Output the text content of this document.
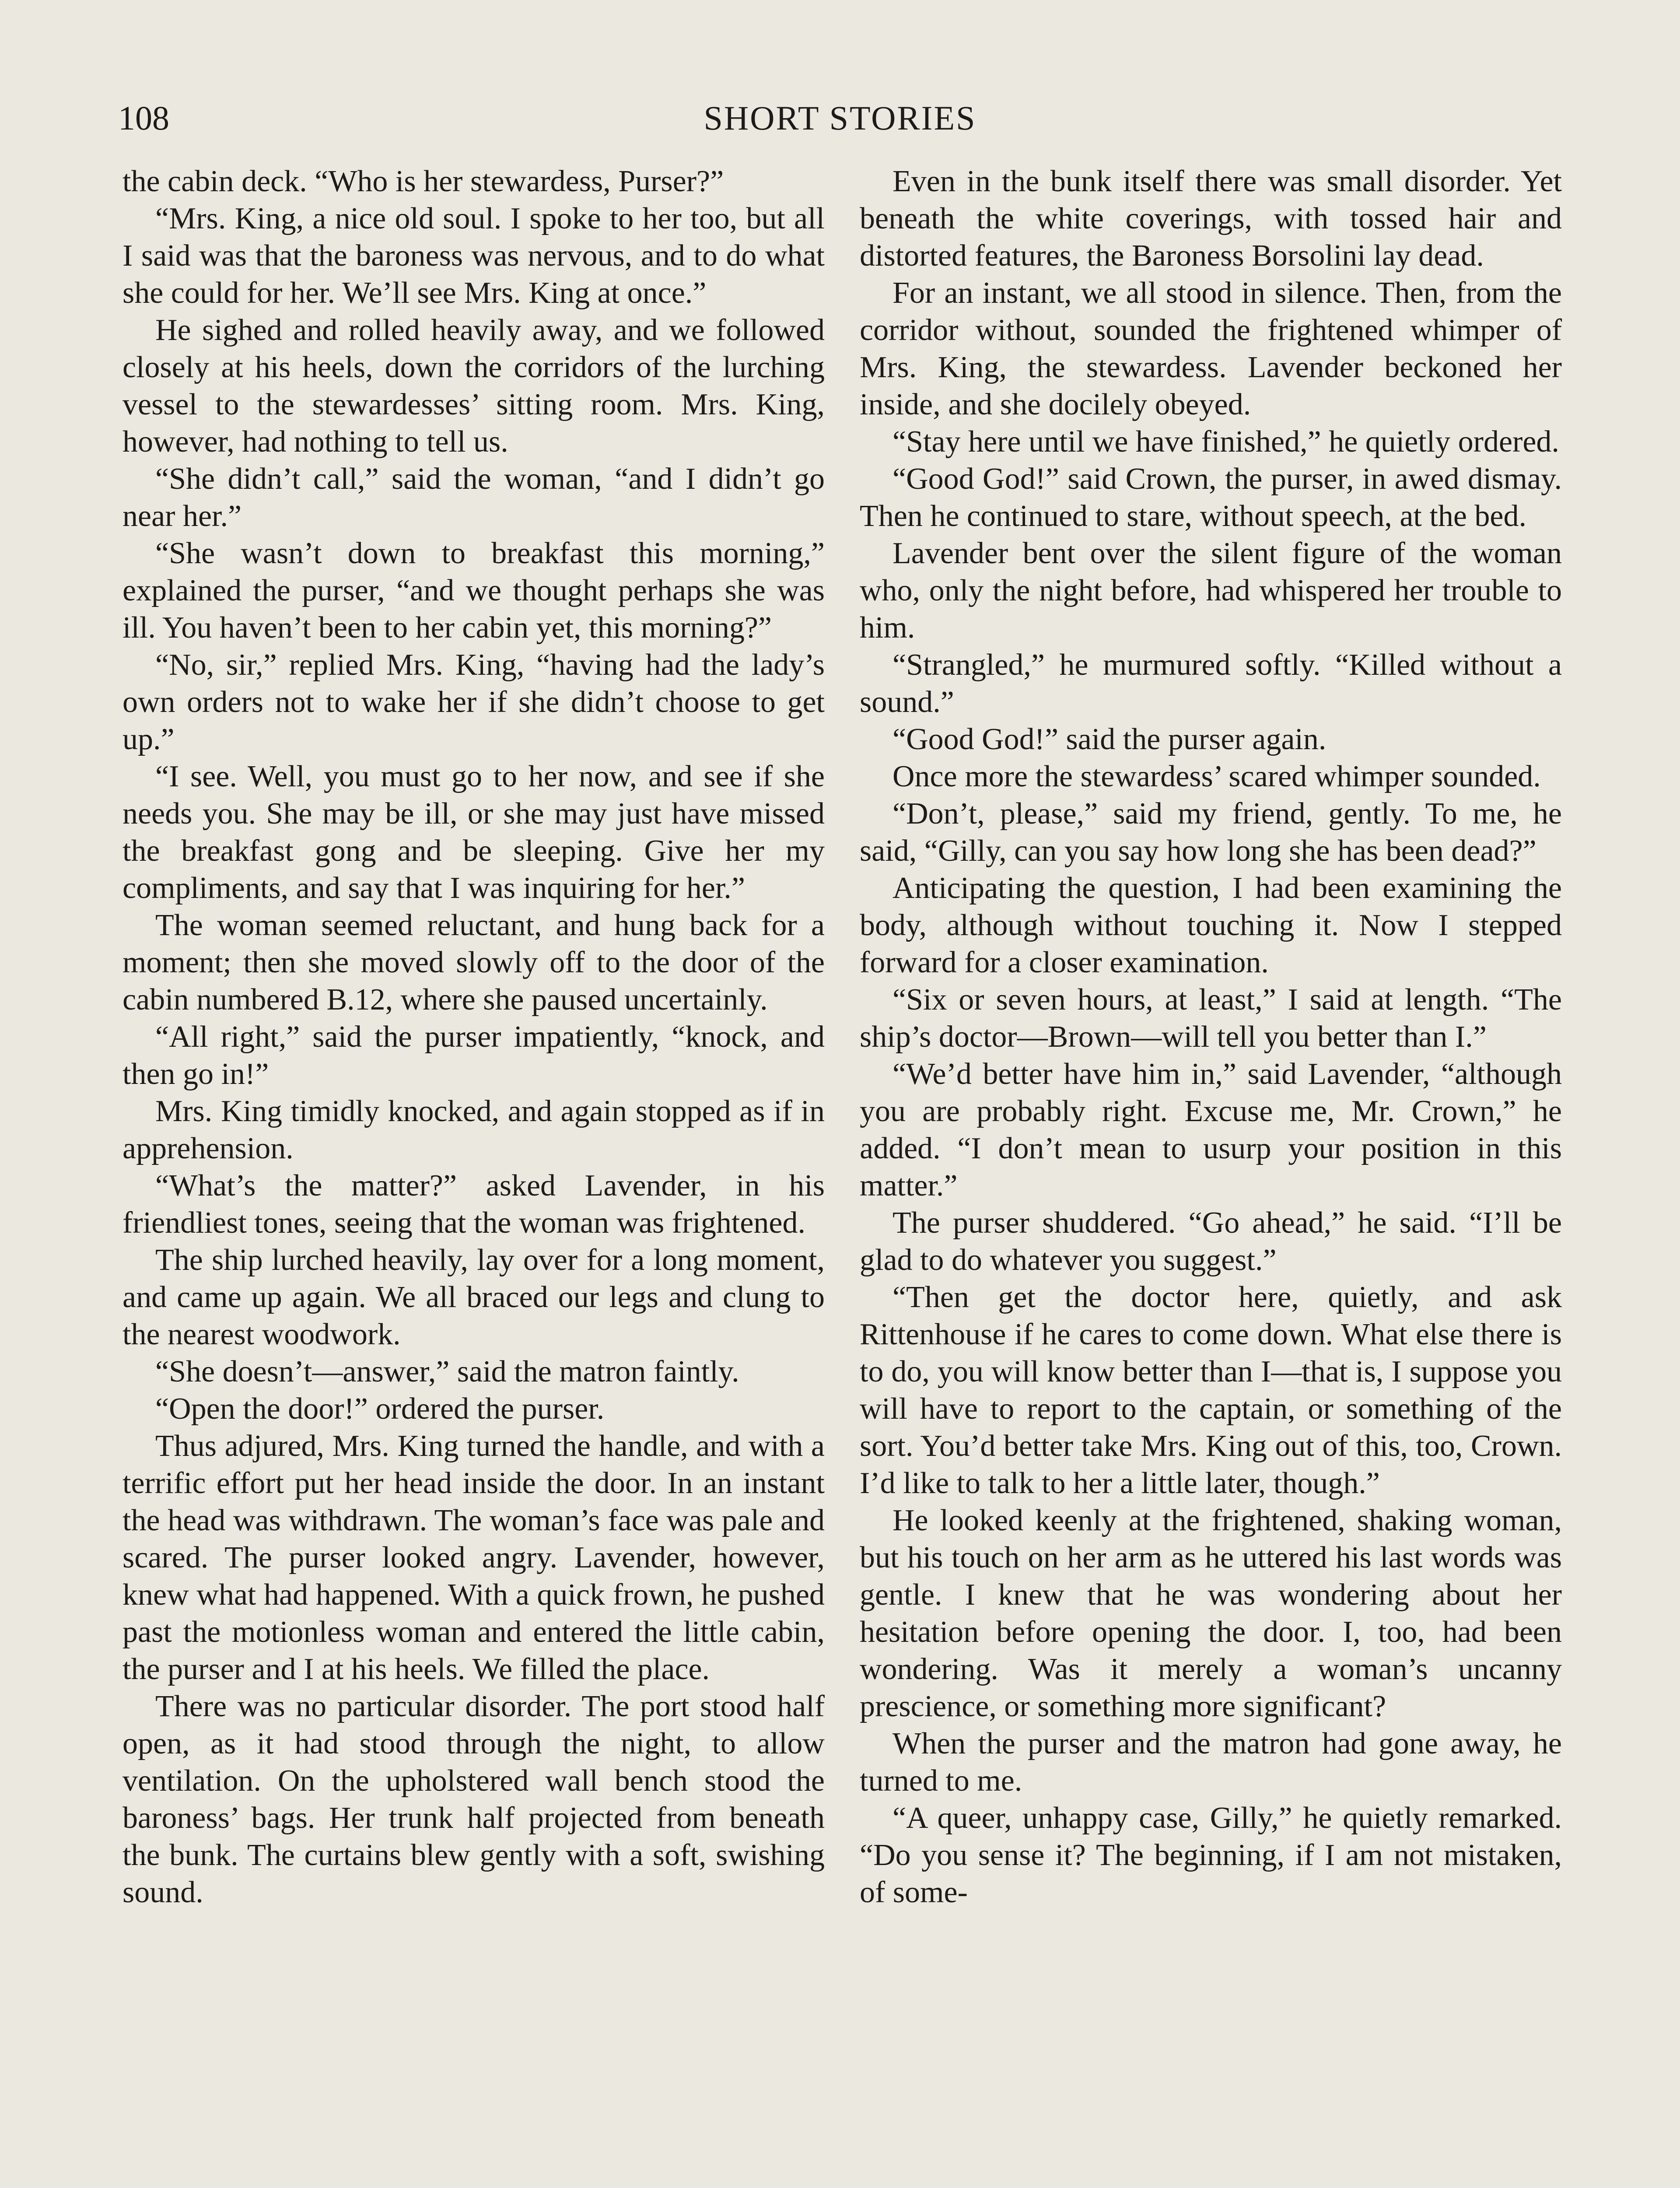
108	SHORT STORIES

the cabin deck. “Who is her stewardess, Purser?”

“Mrs. King, a nice old soul. I spoke to her too, but all I said was that the baroness was nervous, and to do what she could for her. We’ll see Mrs. King at once.”

He sighed and rolled heavily away, and we followed closely at his heels, down the corridors of the lurching vessel to the stewardesses’ sitting room. Mrs. King, however, had nothing to tell us.

“She didn’t call,” said the woman, “and I didn’t go near her.”

“She wasn’t down to breakfast this morning,” explained the purser, “and we thought perhaps she was ill. You haven’t been to her cabin yet, this morning?”

“No, sir,” replied Mrs. King, “having had the lady’s own orders not to wake her if she didn’t choose to get up.”

“I see. Well, you must go to her now, and see if she needs you. She may be ill, or she may just have missed the breakfast gong and be sleeping. Give her my compliments, and say that I was inquiring for her.”

The woman seemed reluctant, and hung back for a moment; then she moved slowly off to the door of the cabin numbered B.12, where she paused uncertainly.

“All right,” said the purser impatiently, “knock, and then go in!”

Mrs. King timidly knocked, and again stopped as if in apprehension.

“What’s the matter?” asked Lavender, in his friendliest tones, seeing that the woman was frightened.

The ship lurched heavily, lay over for a long moment, and came up again. We all braced our legs and clung to the nearest woodwork.

“She doesn’t—answer,” said the matron faintly.

“Open the door!” ordered the purser.

Thus adjured, Mrs. King turned the handle, and with a terrific effort put her head inside the door. In an instant the head was withdrawn. The woman’s face was pale and scared. The purser looked angry. Lavender, however, knew what had happened. With a quick frown, he pushed past the motionless woman and entered the little cabin, the purser and I at his heels. We filled the place.

There was no particular disorder. The port stood half open, as it had stood through the night, to allow ventilation. On the upholstered wall bench stood the baroness’ bags. Her trunk half projected from beneath the bunk. The curtains blew gently with a soft, swishing sound.

Even in the bunk itself there was small disorder. Yet beneath the white coverings, with tossed hair and distorted features, the Baroness Borsolini lay dead.

For an instant, we all stood in silence. Then, from the corridor without, sounded the frightened whimper of Mrs. King, the stewardess. Lavender beckoned her inside, and she docilely obeyed.

“Stay here until we have finished,” he quietly ordered.

“Good God!” said Crown, the purser, in awed dismay. Then he continued to stare, without speech, at the bed.

Lavender bent over the silent figure of the woman who, only the night before, had whispered her trouble to him.

“Strangled,” he murmured softly. “Killed without a sound.”

“Good God!” said the purser again.

Once more the stewardess’ scared whimper sounded.

“Don’t, please,” said my friend, gently. To me, he said, “Gilly, can you say how long she has been dead?”

Anticipating the question, I had been examining the body, although without touching it. Now I stepped forward for a closer examination.

“Six or seven hours, at least,” I said at length. “The ship’s doctor—Brown—will tell you better than I.”

“We’d better have him in,” said Lavender, “although you are probably right. Excuse me, Mr. Crown,” he added. “I don’t mean to usurp your position in this matter.”

The purser shuddered. “Go ahead,” he said. “I’ll be glad to do whatever you suggest.”

“Then get the doctor here, quietly, and ask Rittenhouse if he cares to come down. What else there is to do, you will know better than I—that is, I suppose you will have to report to the captain, or something of the sort. You’d better take Mrs. King out of this, too, Crown. I’d like to talk to her a little later, though.”

He looked keenly at the frightened, shaking woman, but his touch on her arm as he uttered his last words was gentle. I knew that he was wondering about her hesitation before opening the door. I, too, had been wondering. Was it merely a woman’s uncanny prescience, or something more significant?

When the purser and the matron had gone away, he turned to me.

“A queer, unhappy case, Gilly,” he quietly remarked. “Do you sense it? The beginning, if I am not mistaken, of some-
